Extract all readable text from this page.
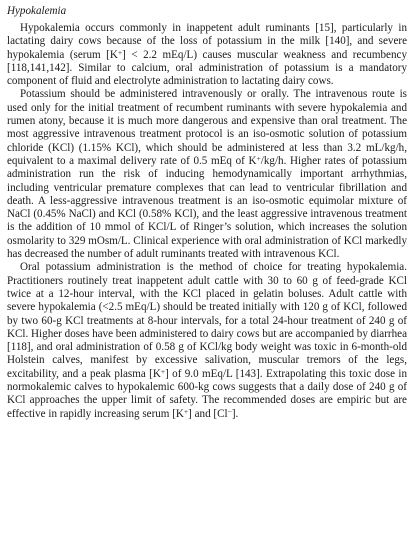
Hypokalemia

Hypokalemia occurs commonly in inappetent adult ruminants [15], particularly in lactating dairy cows because of the loss of potassium in the milk [140], and severe hypokalemia (serum [K+] < 2.2 mEq/L) causes muscular weakness and recumbency [118,141,142]. Similar to calcium, oral administration of potassium is a mandatory component of fluid and electrolyte administration to lactating dairy cows.

Potassium should be administered intravenously or orally. The intravenous route is used only for the initial treatment of recumbent ruminants with severe hypokalemia and rumen atony, because it is much more dangerous and expensive than oral treatment. The most aggressive intravenous treatment protocol is an iso-osmotic solution of potassium chloride (KCl) (1.15% KCl), which should be administered at less than 3.2 mL/kg/h, equivalent to a maximal delivery rate of 0.5 mEq of K+/kg/h. Higher rates of potassium administration run the risk of inducing hemodynamically important arrhythmias, including ventricular premature complexes that can lead to ventricular fibrillation and death. A less-aggressive intravenous treatment is an iso-osmotic equimolar mixture of NaCl (0.45% NaCl) and KCl (0.58% KCl), and the least aggressive intravenous treatment is the addition of 10 mmol of KCl/L of Ringer’s solution, which increases the solution osmolarity to 329 mOsm/L. Clinical experience with oral administration of KCl markedly has decreased the number of adult ruminants treated with intravenous KCl.

Oral potassium administration is the method of choice for treating hypokalemia. Practitioners routinely treat inappetent adult cattle with 30 to 60 g of feed-grade KCl twice at a 12-hour interval, with the KCl placed in gelatin boluses. Adult cattle with severe hypokalemia (<2.5 mEq/L) should be treated initially with 120 g of KCl, followed by two 60-g KCl treatments at 8-hour intervals, for a total 24-hour treatment of 240 g of KCl. Higher doses have been administered to dairy cows but are accompanied by diarrhea [118], and oral administration of 0.58 g of KCl/kg body weight was toxic in 6-month-old Holstein calves, manifest by excessive salivation, muscular tremors of the legs, excitability, and a peak plasma [K+] of 9.0 mEq/L [143]. Extrapolating this toxic dose in normokalemic calves to hypokalemic 600-kg cows suggests that a daily dose of 240 g of KCl approaches the upper limit of safety. The recommended doses are empiric but are effective in rapidly increasing serum [K+] and [Cl−].
